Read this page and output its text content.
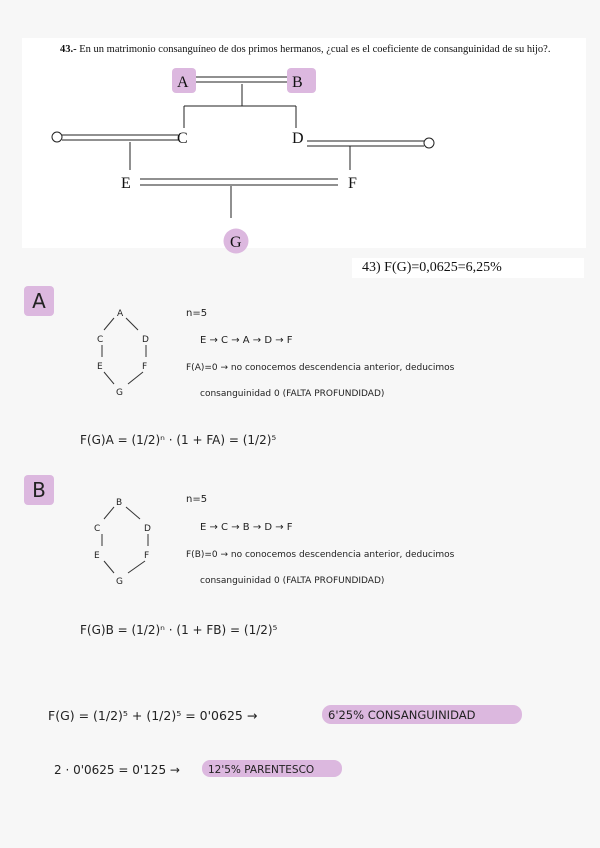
43.- En un matrimonio consanguíneo de dos primos hermanos, ¿cual es el coeficiente de consanguinidad de su hijo?.
A	B
C	D
E	F
G
A
C	D
E	F
G
n=5
E → C → A → D → F
F(A)=0 → no conocemos descendencia anterior, deducimos
consanguinidad 0 (FALTA PROFUNDIDAD)
F(G)A = (1/2)ⁿ · (1 + FA) = (1/2)⁵
B
C	D
E	F
G
n=5
E → C → B → D → F
F(B)=0 → no conocemos descendencia anterior, deducimos
consanguinidad 0 (FALTA PROFUNDIDAD)
F(G)B = (1/2)ⁿ · (1 + FB) = (1/2)⁵
F(G) = (1/2)⁵ + (1/2)⁵ = 0'0625 →	6'25% CONSANGUINIDAD
2 · 0'0625 = 0'125 →	12'5% PARENTESCO
43) F(G)=0,0625=6,25%
A
B
